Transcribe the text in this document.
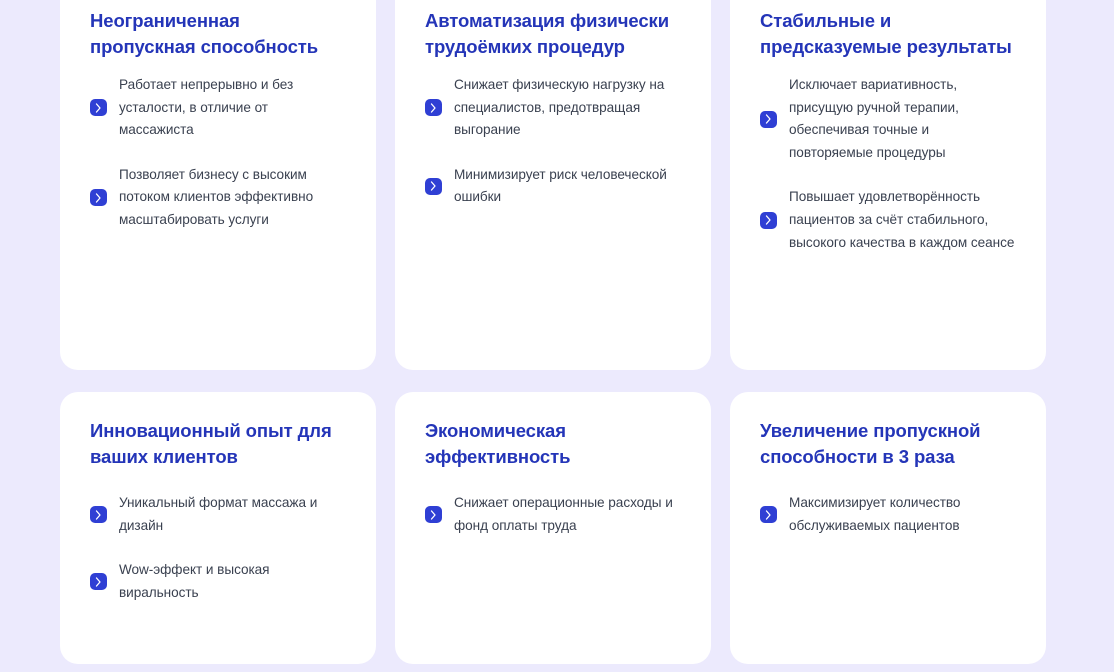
Неограниченная пропускная способность
Работает непрерывно и без усталости, в отличие от массажиста
Позволяет бизнесу с высоким потоком клиентов эффективно масштабировать услуги
Автоматизация физически трудоёмких процедур
Снижает физическую нагрузку на специалистов, предотвращая выгорание
Минимизирует риск человеческой ошибки
Стабильные и предсказуемые результаты
Исключает вариативность, присущую ручной терапии, обеспечивая точные и повторяемые процедуры
Повышает удовлетворённость пациентов за счёт стабильного, высокого качества в каждом сеансе
Инновационный опыт для ваших клиентов
Уникальный формат массажа и дизайн
Wow-эффект и высокая виральность
Экономическая эффективность
Снижает операционные расходы и фонд оплаты труда
Увеличение пропускной способности в 3 раза
Максимизирует количество обслуживаемых пациентов
